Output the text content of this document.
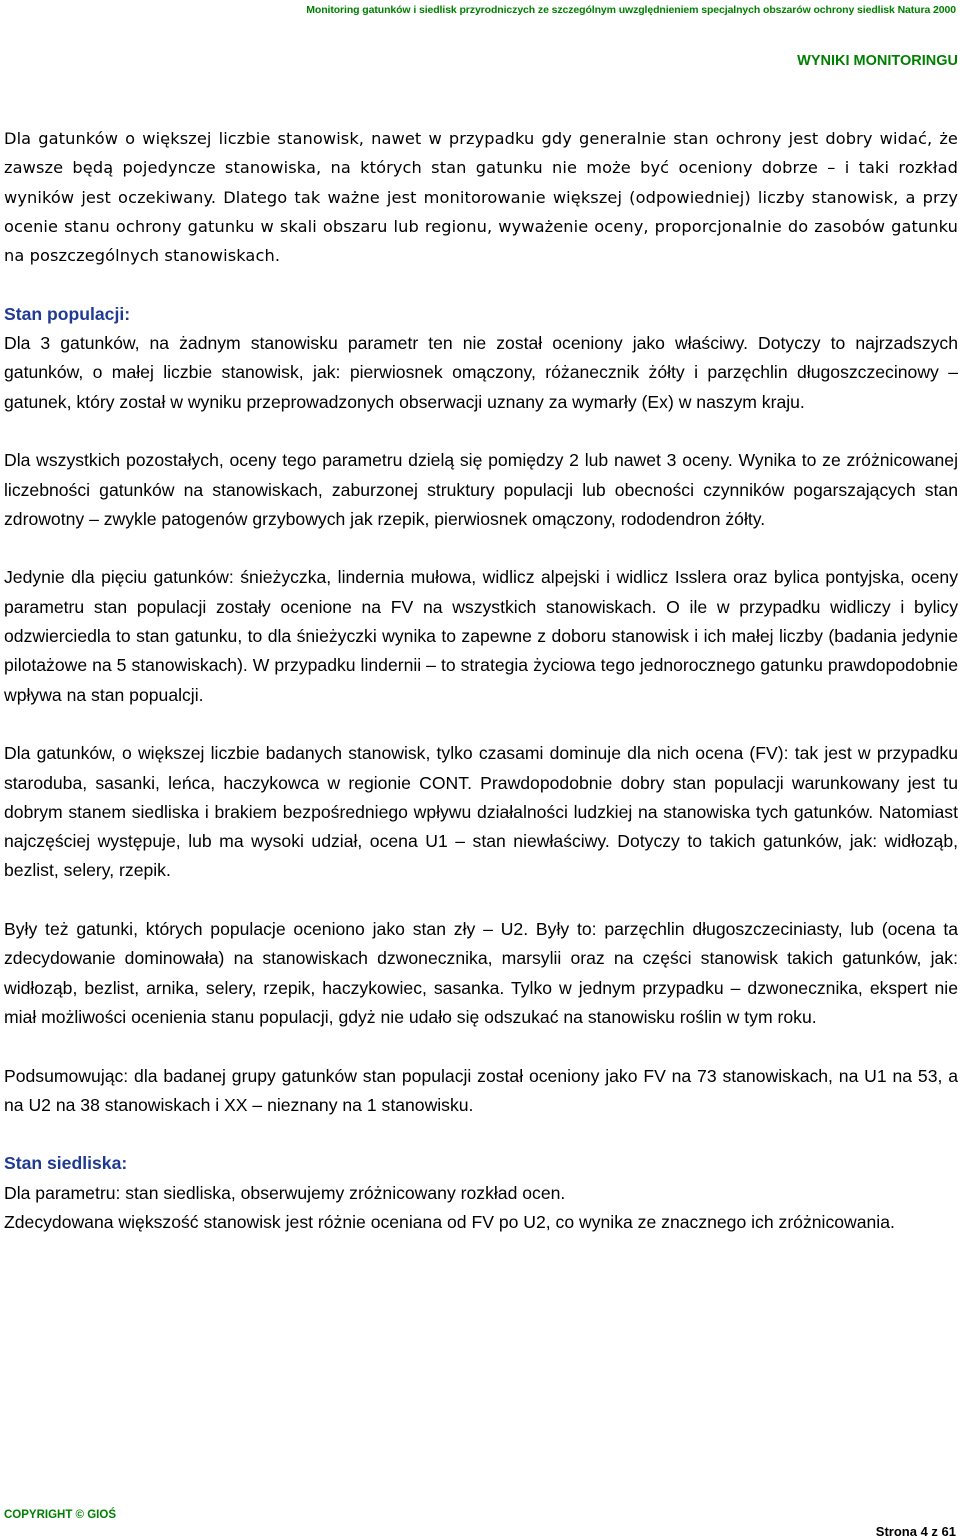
Monitoring gatunków i siedlisk przyrodniczych ze szczególnym uwzględnieniem specjalnych obszarów ochrony siedlisk Natura 2000
WYNIKI MONITORINGU

Dla gatunków o większej liczbie stanowisk, nawet w przypadku gdy generalnie stan ochrony jest dobry widać, że zawsze będą pojedyncze stanowiska, na których stan gatunku nie może być oceniony dobrze – i taki rozkład wyników jest oczekiwany. Dlatego tak ważne jest monitorowanie większej (odpowiedniej) liczby stanowisk, a przy ocenie stanu ochrony gatunku w skali obszaru lub regionu, wyważenie oceny, proporcjonalnie do zasobów gatunku na poszczególnych stanowiskach.

Stan populacji:

Dla 3 gatunków, na żadnym stanowisku parametr ten nie został oceniony jako właściwy. Dotyczy to najrzadszych gatunków, o małej liczbie stanowisk, jak: pierwiosnek omączony, różanecznik żółty i parzęchlin długoszczecinowy – gatunek, który został w wyniku przeprowadzonych obserwacji uznany za wymarły (Ex) w naszym kraju.

Dla wszystkich pozostałych, oceny tego parametru dzielą się pomiędzy 2 lub nawet 3 oceny. Wynika to ze zróżnicowanej liczebności gatunków na stanowiskach, zaburzonej struktury populacji lub obecności czynników pogarszających stan zdrowotny – zwykle patogenów grzybowych jak rzepik, pierwiosnek omączony, rododendron żółty.

Jedynie dla pięciu gatunków: śnieżyczka, lindernia mułowa, widlicz alpejski i widlicz Isslera oraz bylica pontyjska, oceny parametru stan populacji zostały ocenione na FV na wszystkich stanowiskach. O ile w przypadku widliczy i bylicy odzwierciedla to stan gatunku, to dla śnieżyczki wynika to zapewne z doboru stanowisk i ich małej liczby (badania jedynie pilotażowe na 5 stanowiskach). W przypadku lindernii – to strategia życiowa tego jednorocznego gatunku prawdopodobnie wpływa na stan popualcji.

Dla gatunków, o większej liczbie badanych stanowisk, tylko czasami dominuje dla nich ocena (FV): tak jest w przypadku staroduba, sasanki, leńca, haczykowca w regionie CONT. Prawdopodobnie dobry stan populacji warunkowany jest tu dobrym stanem siedliska i brakiem bezpośredniego wpływu działalności ludzkiej na stanowiska tych gatunków. Natomiast najczęściej występuje, lub ma wysoki udział, ocena U1 – stan niewłaściwy. Dotyczy to takich gatunków, jak: widłoząb, bezlist, selery, rzepik.

Były też gatunki, których populacje oceniono jako stan zły – U2. Były to: parzęchlin długoszczeciniasty, lub (ocena ta zdecydowanie dominowała) na stanowiskach dzwonecznika, marsylii oraz na części stanowisk takich gatunków, jak: widłoząb, bezlist, arnika, selery, rzepik, haczykowiec, sasanka. Tylko w jednym przypadku – dzwonecznika, ekspert nie miał możliwości ocenienia stanu populacji, gdyż nie udało się odszukać na stanowisku roślin w tym roku.

Podsumowując: dla badanej grupy gatunków stan populacji został oceniony jako FV na 73 stanowiskach, na U1 na 53, a na U2 na 38 stanowiskach i XX – nieznany na 1 stanowisku.

Stan siedliska:

Dla parametru: stan siedliska, obserwujemy zróżnicowany rozkład ocen.

Zdecydowana większość stanowisk jest różnie oceniana od FV po U2, co wynika ze znacznego ich zróżnicowania.

COPYRIGHT © GIOŚ
Strona 4 z 61
